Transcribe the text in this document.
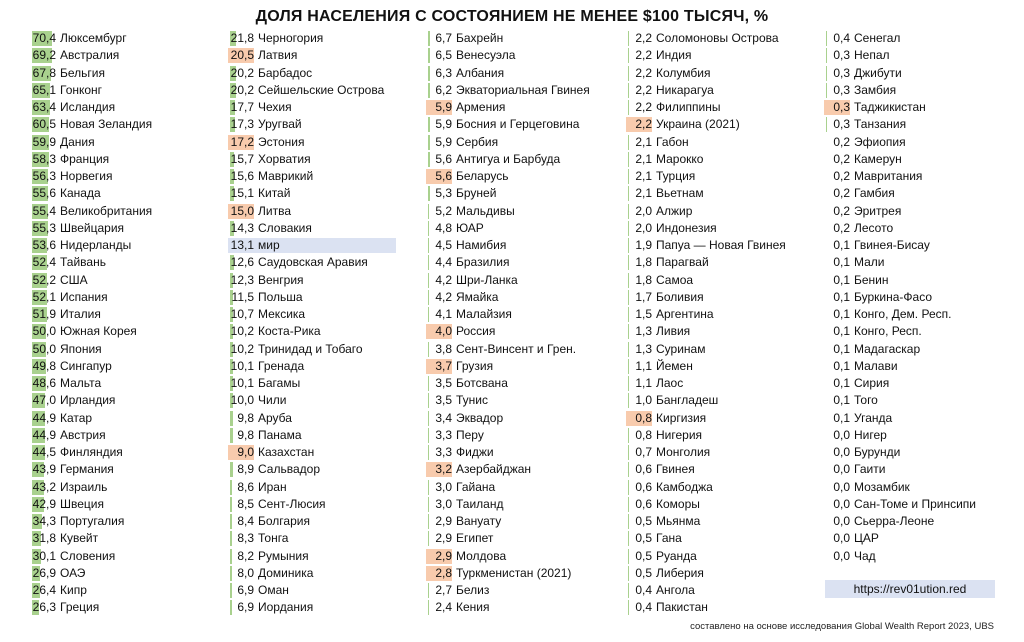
ДОЛЯ НАСЕЛЕНИЯ С СОСТОЯНИЕМ НЕ МЕНЕЕ $100 ТЫСЯЧ, %
70,4 Люксембург
69,2 Австралия
67,8 Бельгия
65,1 Гонконг
63,4 Исландия
60,5 Новая Зеландия
59,9 Дания
58,3 Франция
56,3 Норвегия
55,6 Канада
55,4 Великобритания
55,3 Швейцария
53,6 Нидерланды
52,4 Тайвань
52,2 США
52,1 Испания
51,9 Италия
50,0 Южная Корея
50,0 Япония
49,8 Сингапур
48,6 Мальта
47,0 Ирландия
44,9 Катар
44,9 Австрия
44,5 Финляндия
43,9 Германия
43,2 Израиль
42,9 Швеция
34,3 Португалия
31,8 Кувейт
30,1 Словения
26,9 ОАЭ
26,4 Кипр
26,3 Греция
21,8 Черногория
20,5 Латвия
20,2 Барбадос
20,2 Сейшельские Острова
17,7 Чехия
17,3 Уругвай
17,2 Эстония
15,7 Хорватия
15,6 Маврикий
15,1 Китай
15,0 Литва
14,3 Словакия
13,1 мир
12,6 Саудовская Аравия
12,3 Венгрия
11,5 Польша
10,7 Мексика
10,2 Коста-Рика
10,2 Тринидад и Тобаго
10,1 Гренада
10,1 Багамы
10,0 Чили
9,8 Аруба
9,8 Панама
9,0 Казахстан
8,9 Сальвадор
8,6 Иран
8,5 Сент-Люсия
8,4 Болгария
8,3 Тонга
8,2 Румыния
8,0 Доминика
6,9 Оман
6,9 Иордания
6,7 Бахрейн
6,5 Венесуэла
6,3 Албания
6,2 Экваториальная Гвинея
5,9 Армения
5,9 Босния и Герцеговина
5,9 Сербия
5,6 Антигуа и Барбуда
5,6 Беларусь
5,3 Бруней
5,2 Мальдивы
4,8 ЮАР
4,5 Намибия
4,4 Бразилия
4,2 Шри-Ланка
4,2 Ямайка
4,1 Малайзия
4,0 Россия
3,8 Сент-Винсент и Грен.
3,7 Грузия
3,5 Ботсвана
3,5 Тунис
3,4 Эквадор
3,3 Перу
3,3 Фиджи
3,2 Азербайджан
3,0 Гайана
3,0 Таиланд
2,9 Вануату
2,9 Египет
2,9 Молдова
2,8 Туркменистан (2021)
2,7 Белиз
2,4 Кения
2,2 Соломоновы Острова
2,2 Индия
2,2 Колумбия
2,2 Никарагуа
2,2 Филиппины
2,2 Украина (2021)
2,1 Габон
2,1 Марокко
2,1 Турция
2,1 Вьетнам
2,0 Алжир
2,0 Индонезия
1,9 Папуа — Новая Гвинея
1,8 Парагвай
1,8 Самоа
1,7 Боливия
1,5 Аргентина
1,3 Ливия
1,3 Суринам
1,1 Йемен
1,1 Лаос
1,0 Бангладеш
0,8 Киргизия
0,8 Нигерия
0,7 Монголия
0,6 Гвинея
0,6 Камбоджа
0,6 Коморы
0,5 Мьянма
0,5 Гана
0,5 Руанда
0,5 Либерия
0,4 Ангола
0,4 Пакистан
0,4 Сенегал
0,3 Непал
0,3 Джибути
0,3 Замбия
0,3 Таджикистан
0,3 Танзания
0,2 Эфиопия
0,2 Камерун
0,2 Мавритания
0,2 Гамбия
0,2 Эритрея
0,2 Лесото
0,1 Гвинея-Бисау
0,1 Мали
0,1 Бенин
0,1 Буркина-Фасо
0,1 Конго, Дем. Респ.
0,1 Конго, Респ.
0,1 Мадагаскар
0,1 Малави
0,1 Сирия
0,1 Того
0,1 Уганда
0,0 Нигер
0,0 Бурунди
0,0 Гаити
0,0 Мозамбик
0,0 Сан-Томе и Принсипи
0,0 Сьерра-Леоне
0,0 ЦАР
0,0 Чад
https://rev01ution.red
составлено на основе исследования Global Wealth Report 2023, UBS
